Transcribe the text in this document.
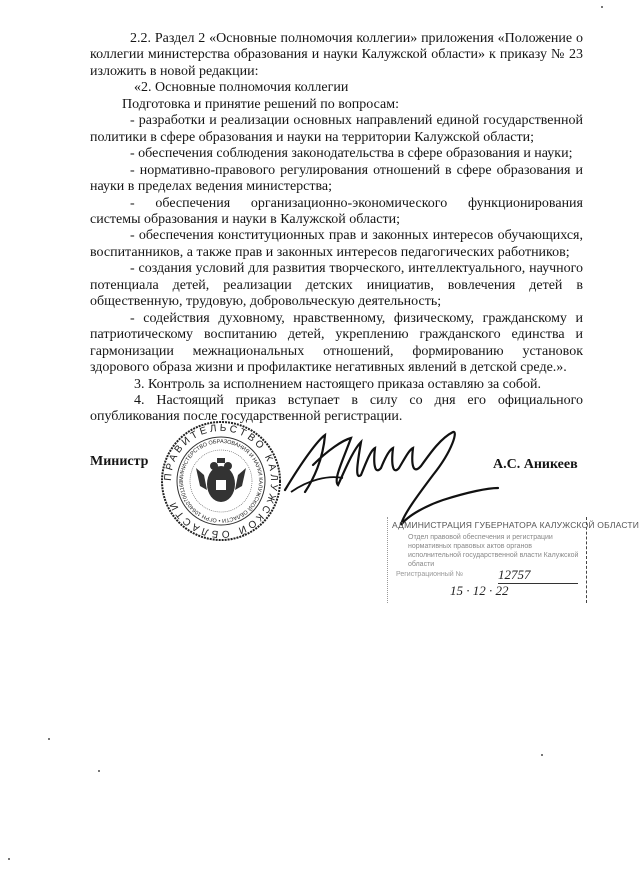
2.2. Раздел 2 «Основные полномочия коллегии» приложения «Положение о коллегии министерства образования и науки Калужской области» к приказу № 23 изложить в новой редакции:

«2. Основные полномочия коллегии

Подготовка и принятие решений по вопросам:

- разработки и реализации основных направлений единой государственной политики в сфере образования и науки на территории Калужской области;

- обеспечения соблюдения законодательства в сфере образования и науки;

- нормативно-правового регулирования отношений в сфере образования и науки в пределах ведения министерства;

- обеспечения организационно-экономического функционирования системы образования и науки в Калужской области;

- обеспечения конституционных прав и законных интересов обучающихся, воспитанников, а также прав и законных интересов педагогических работников;

- создания условий для развития творческого, интеллектуального, научного потенциала детей, реализации детских инициатив, вовлечения детей в общественную, трудовую, добровольческую деятельность;

- содействия духовному, нравственному, физическому, гражданскому и патриотическому воспитанию детей, укреплению гражданского единства и гармонизации межнациональных отношений, формированию установок здорового образа жизни и профилактике негативных явлений в детской среде.».

3. Контроль за исполнением настоящего приказа оставляю за собой.

4. Настоящий приказ вступает в силу со дня его официального опубликования после государственной регистрации.

Министр
ПРАВИТЕЛЬСТВО КАЛУЖСКОЙ ОБЛАСТИ
МИНИСТЕРСТВО ОБРАЗОВАНИЯ И НАУКИ КАЛУЖСКОЙ ОБЛАСТИ • ОГРН 1064027001168
А.С. Аникеев
АДМИНИСТРАЦИЯ ГУБЕРНАТОРА КАЛУЖСКОЙ ОБЛАСТИ
Отдел правовой обеспечения и регистрации нормативных правовых актов органов исполнительной государственной власти Калужской области
Регистрационный №	12757
15 · 12 · 22
